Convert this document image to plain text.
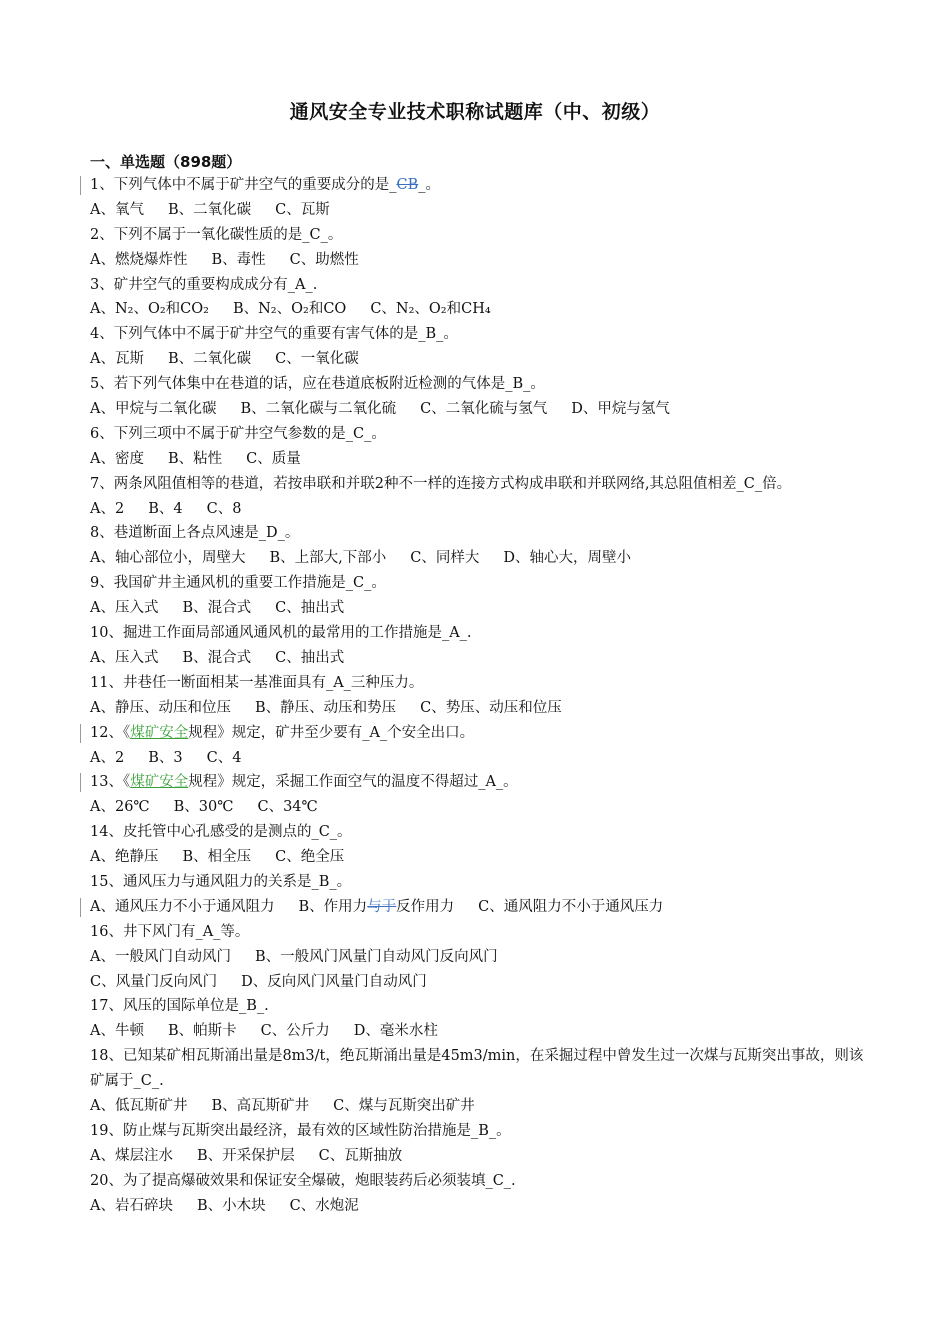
通风安全专业技术职称试题库（中、初级）
一、单选题（898题）
1、下列气体中不属于矿井空气的重要成分的是_CB_。
A、氧气 B、二氧化碳 C、瓦斯
2、下列不属于一氧化碳性质的是_C_。
A、燃烧爆炸性 B、毒性 C、助燃性
3、矿井空气的重要构成成分有_A_.
A、N₂、O₂和CO₂ B、N₂、O₂和CO C、N₂、O₂和CH₄
4、下列气体中不属于矿井空气的重要有害气体的是_B_。
A、瓦斯 B、二氧化碳 C、一氧化碳
5、若下列气体集中在巷道的话，应在巷道底板附近检测的气体是_B_。
A、甲烷与二氧化碳 B、二氧化碳与二氧化硫 C、二氧化硫与氢气 D、甲烷与氢气
6、下列三项中不属于矿井空气参数的是_C_。
A、密度 B、粘性 C、质量
7、两条风阻值相等的巷道，若按串联和并联2种不一样的连接方式构成串联和并联网络,其总阻值相差_C_倍。
A、2 B、4 C、8
8、巷道断面上各点风速是_D_。
A、轴心部位小，周壁大 B、上部大,下部小 C、同样大 D、轴心大，周壁小
9、我国矿井主通风机的重要工作措施是_C_。
A、压入式 B、混合式 C、抽出式
10、掘进工作面局部通风通风机的最常用的工作措施是_A_.
A、压入式 B、混合式 C、抽出式
11、井巷任一断面相某一基准面具有_A_三种压力。
A、静压、动压和位压 B、静压、动压和势压 C、势压、动压和位压
12、《煤矿安全规程》规定，矿井至少要有_A_个安全出口。
A、2 B、3 C、4
13、《煤矿安全规程》规定，采掘工作面空气的温度不得超过_A_。
A、26℃ B、30℃ C、34℃
14、皮托管中心孔感受的是测点的_C_。
A、绝静压 B、相全压 C、绝全压
15、通风压力与通风阻力的关系是_B_。
A、通风压力不小于通风阻力 B、作用力与于反作用力 C、通风阻力不小于通风压力
16、井下风门有_A_等。
A、一般风门自动风门 B、一般风门风量门自动风门反向风门
C、风量门反向风门 D、反向风门风量门自动风门
17、风压的国际单位是_B_.
A、牛顿 B、帕斯卡 C、公斤力 D、毫米水柱
18、已知某矿相瓦斯涌出量是8m3/t，绝瓦斯涌出量是45m3/min，在采掘过程中曾发生过一次煤与瓦斯突出事故，则该矿属于_C_.
A、低瓦斯矿井 B、高瓦斯矿井 C、煤与瓦斯突出矿井
19、防止煤与瓦斯突出最经济，最有效的区域性防治措施是_B_。
A、煤层注水 B、开采保护层 C、瓦斯抽放
20、为了提高爆破效果和保证安全爆破，炮眼装药后必须装填_C_.
A、岩石碎块 B、小木块 C、水炮泥
